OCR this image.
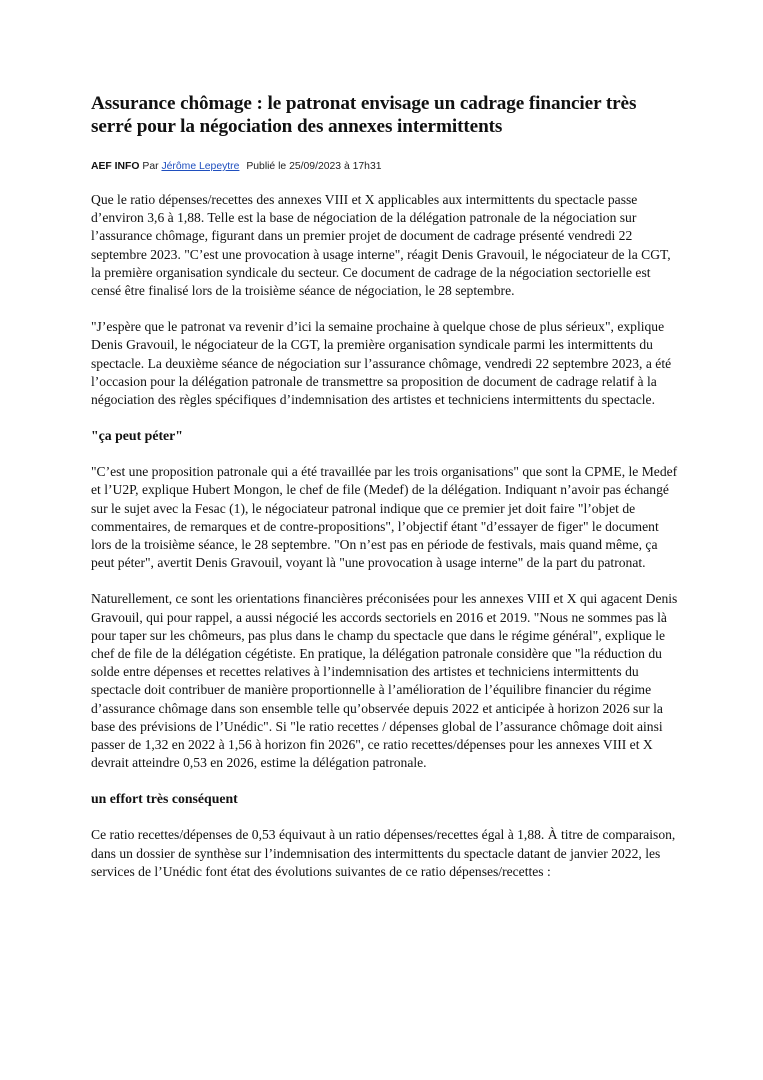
Assurance chômage : le patronat envisage un cadrage financier très serré pour la négociation des annexes intermittents
AEF INFO Par Jérôme Lepeytre Publié le 25/09/2023 à 17h31

Que le ratio dépenses/recettes des annexes VIII et X applicables aux intermittents du spectacle passe d’environ 3,6 à 1,88. Telle est la base de négociation de la délégation patronale de la négociation sur l’assurance chômage, figurant dans un premier projet de document de cadrage présenté vendredi 22 septembre 2023. "C’est une provocation à usage interne", réagit Denis Gravouil, le négociateur de la CGT, la première organisation syndicale du secteur. Ce document de cadrage de la négociation sectorielle est censé être finalisé lors de la troisième séance de négociation, le 28 septembre.

"J’espère que le patronat va revenir d’ici la semaine prochaine à quelque chose de plus sérieux", explique Denis Gravouil, le négociateur de la CGT, la première organisation syndicale parmi les intermittents du spectacle. La deuxième séance de négociation sur l’assurance chômage, vendredi 22 septembre 2023, a été l’occasion pour la délégation patronale de transmettre sa proposition de document de cadrage relatif à la négociation des règles spécifiques d’indemnisation des artistes et techniciens intermittents du spectacle.

"ça peut péter"

"C’est une proposition patronale qui a été travaillée par les trois organisations" que sont la CPME, le Medef et l’U2P, explique Hubert Mongon, le chef de file (Medef) de la délégation. Indiquant n’avoir pas échangé sur le sujet avec la Fesac (1), le négociateur patronal indique que ce premier jet doit faire "l’objet de commentaires, de remarques et de contre-propositions", l’objectif étant "d’essayer de figer" le document lors de la troisième séance, le 28 septembre. "On n’est pas en période de festivals, mais quand même, ça peut péter", avertit Denis Gravouil, voyant là "une provocation à usage interne" de la part du patronat.

Naturellement, ce sont les orientations financières préconisées pour les annexes VIII et X qui agacent Denis Gravouil, qui pour rappel, a aussi négocié les accords sectoriels en 2016 et 2019. "Nous ne sommes pas là pour taper sur les chômeurs, pas plus dans le champ du spectacle que dans le régime général", explique le chef de file de la délégation cégétiste. En pratique, la délégation patronale considère que "la réduction du solde entre dépenses et recettes relatives à l’indemnisation des artistes et techniciens intermittents du spectacle doit contribuer de manière proportionnelle à l’amélioration de l’équilibre financier du régime d’assurance chômage dans son ensemble telle qu’observée depuis 2022 et anticipée à horizon 2026 sur la base des prévisions de l’Unédic". Si "le ratio recettes / dépenses global de l’assurance chômage doit ainsi passer de 1,32 en 2022 à 1,56 à horizon fin 2026", ce ratio recettes/dépenses pour les annexes VIII et X devrait atteindre 0,53 en 2026, estime la délégation patronale.

un effort très conséquent

Ce ratio recettes/dépenses de 0,53 équivaut à un ratio dépenses/recettes égal à 1,88. À titre de comparaison, dans un dossier de synthèse sur l’indemnisation des intermittents du spectacle datant de janvier 2022, les services de l’Unédic font état des évolutions suivantes de ce ratio dépenses/recettes :
